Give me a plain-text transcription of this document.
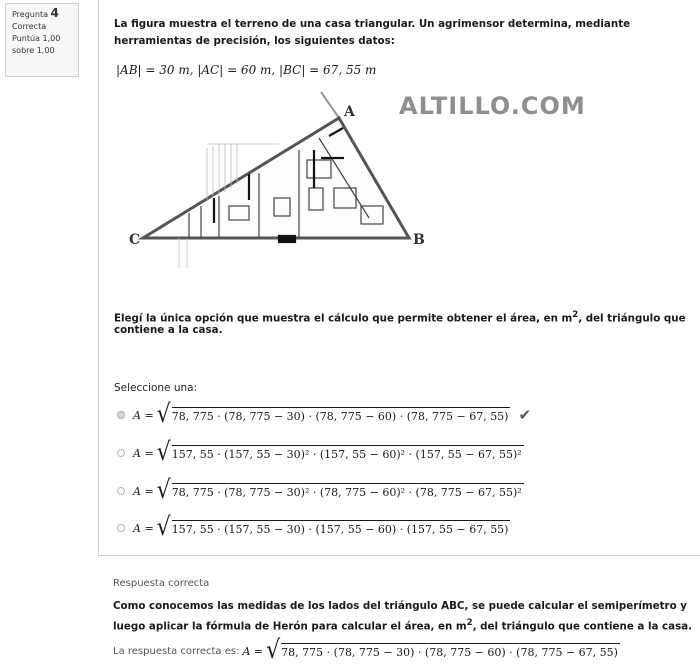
Pregunta 4
Correcta
Puntúa 1,00
sobre 1,00
La figura muestra el terreno de una casa triangular. Un agrimensor determina, mediante herramientas de precisión, los siguientes datos:
|AB| = 30 m, |AC| = 60 m, |BC| = 67, 55 m
A
B
C
ALTILLO.COM
Elegí la única opción que muestra el cálculo que permite obtener el área, en $m^2$, del triángulo que contiene a la casa.
Seleccione una:
A = √ 78, 775 · (78, 775 − 30) · (78, 775 − 60) · (78, 775 − 67, 55) ✔
A = √ 157, 55 · (157, 55 − 30)² · (157, 55 − 60)² · (157, 55 − 67, 55)²
A = √ 78, 775 · (78, 775 − 30)² · (78, 775 − 60)² · (78, 775 − 67, 55)²
A = √ 157, 55 · (157, 55 − 30) · (157, 55 − 60) · (157, 55 − 67, 55)
Respuesta correcta
Como conocemos las medidas de los lados del triángulo ABC, se puede calcular el semiperímetro y luego aplicar la fórmula de Herón para calcular el área, en $m^2$, del triángulo que contiene a la casa.
La respuesta correcta es: A = √ 78, 775 · (78, 775 − 30) · (78, 775 − 60) · (78, 775 − 67, 55)
